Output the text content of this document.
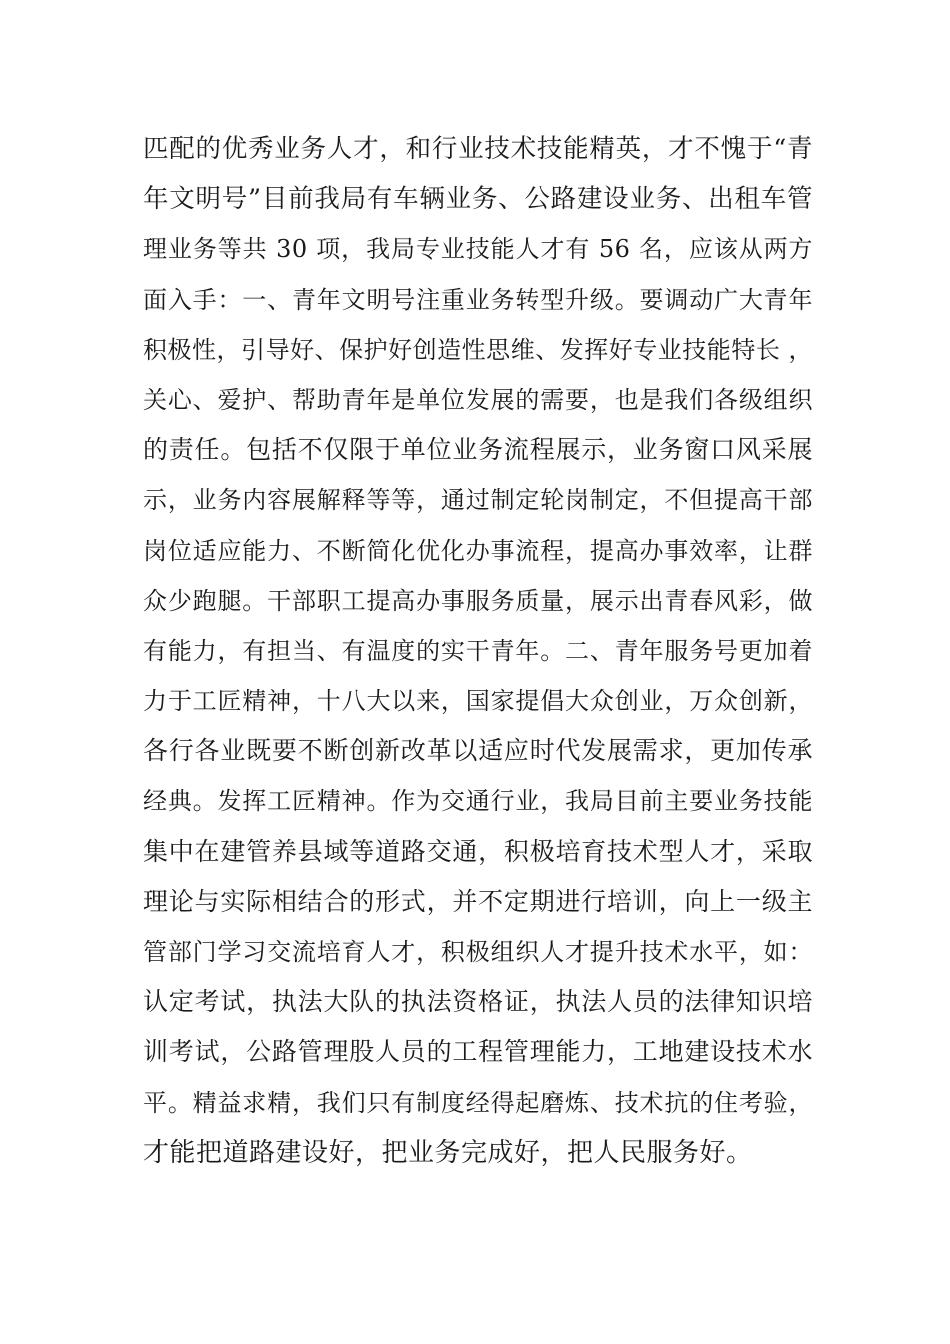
匹配的优秀业务人才，和行业技术技能精英，才不愧于“青
年文明号”目前我局有车辆业务、公路建设业务、出租车管
理业务等共 30 项，我局专业技能人才有 56 名，应该从两方
面入手：一、青年文明号注重业务转型升级。要调动广大青年
积极性，引导好、保护好创造性思维、发挥好专业技能特长 ，
关心、爱护、帮助青年是单位发展的需要，也是我们各级组织
的责任。包括不仅限于单位业务流程展示，业务窗口风采展
示，业务内容展解释等等，通过制定轮岗制定，不但提高干部
岗位适应能力、不断简化优化办事流程，提高办事效率，让群
众少跑腿。干部职工提高办事服务质量，展示出青春风彩，做
有能力，有担当、有温度的实干青年。二、青年服务号更加着
力于工匠精神，十八大以来，国家提倡大众创业，万众创新，
各行各业既要不断创新改革以适应时代发展需求，更加传承
经典。发挥工匠精神。作为交通行业，我局目前主要业务技能
集中在建管养县域等道路交通，积极培育技术型人才，采取
理论与实际相结合的形式，并不定期进行培训，向上一级主
管部门学习交流培育人才，积极组织人才提升技术水平，如：
认定考试，执法大队的执法资格证，执法人员的法律知识培
训考试，公路管理股人员的工程管理能力，工地建设技术水
平。精益求精，我们只有制度经得起磨炼、技术抗的住考验，
才能把道路建设好，把业务完成好，把人民服务好。
